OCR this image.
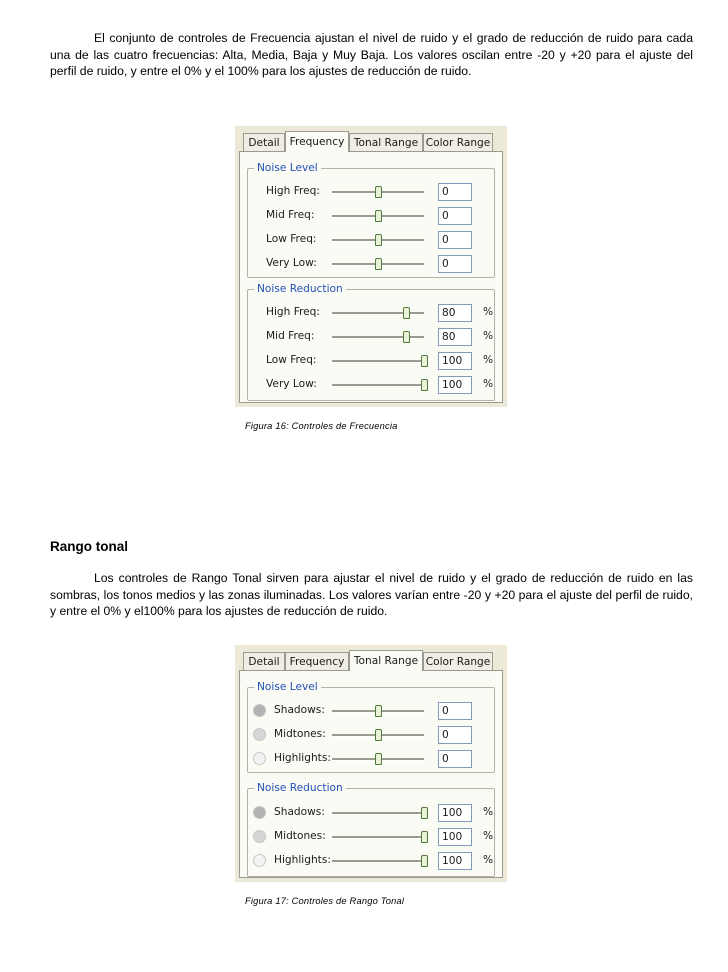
El conjunto de controles de Frecuencia ajustan el nivel de ruido y el grado de reducción de ruido para cada una de las cuatro frecuencias: Alta, Media, Baja y Muy Baja. Los valores oscilan entre -20 y +20 para el ajuste del perfil de ruido, y entre el 0% y el 100% para los ajustes de reducción de ruido.

Detail Frequency Tonal Range Color Range
Noise Level
High Freq:	0
Mid Freq:	0
Low Freq:	0
Very Low:	0
Noise Reduction
High Freq:	80	%
Mid Freq:	80	%
Low Freq:	100	%
Very Low:	100	%
Figura 16: Controles de Frecuencia
Rango tonal

Los controles de Rango Tonal sirven para ajustar el nivel de ruido y el grado de reducción de ruido en las sombras, los tonos medios y las zonas iluminadas. Los valores varían entre -20 y +20 para el ajuste del perfil de ruido, y entre el 0% y el100% para los ajustes de reducción de ruido.

Detail Frequency Tonal Range Color Range
Noise Level
Shadows:	0
Midtones:	0
Highlights:	0
Noise Reduction
Shadows:	100	%
Midtones:	100	%
Highlights:	100	%
Figura 17: Controles de Rango Tonal
